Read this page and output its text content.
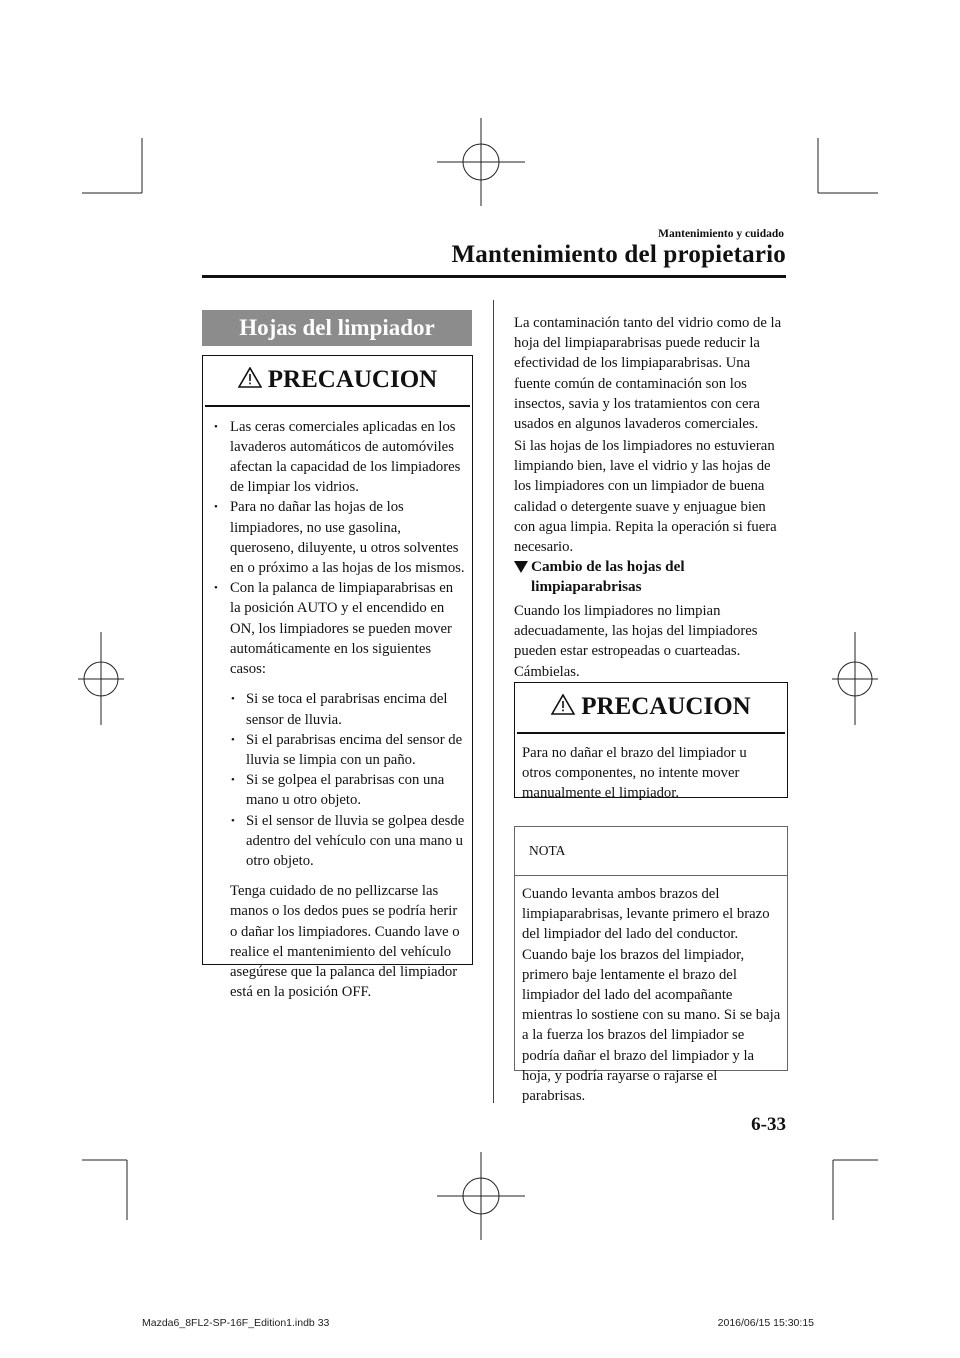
Mantenimiento y cuidado
Mantenimiento del propietario
Hojas del limpiador
PRECAUCION
• Las ceras comerciales aplicadas en los lavaderos automáticos de automóviles afectan la capacidad de los limpiadores de limpiar los vidrios.
• Para no dañar las hojas de los limpiadores, no use gasolina, queroseno, diluyente, u otros solventes en o próximo a las hojas de los mismos.
• Con la palanca de limpiaparabrisas en la posición AUTO y el encendido en ON, los limpiadores se pueden mover automáticamente en los siguientes casos:
• Si se toca el parabrisas encima del sensor de lluvia.
• Si el parabrisas encima del sensor de lluvia se limpia con un paño.
• Si se golpea el parabrisas con una mano u otro objeto.
• Si el sensor de lluvia se golpea desde adentro del vehículo con una mano u otro objeto.
Tenga cuidado de no pellizcarse las manos o los dedos pues se podría herir o dañar los limpiadores. Cuando lave o realice el mantenimiento del vehículo asegúrese que la palanca del limpiador está en la posición OFF.
La contaminación tanto del vidrio como de la hoja del limpiaparabrisas puede reducir la efectividad de los limpiaparabrisas. Una fuente común de contaminación son los insectos, savia y los tratamientos con cera usados en algunos lavaderos comerciales.
Si las hojas de los limpiadores no estuvieran limpiando bien, lave el vidrio y las hojas de los limpiadores con un limpiador de buena calidad o detergente suave y enjuague bien con agua limpia. Repita la operación si fuera necesario.
Cambio de las hojas del limpiaparabrisas
Cuando los limpiadores no limpian adecuadamente, las hojas del limpiadores pueden estar estropeadas o cuarteadas. Cámbielas.
PRECAUCION
Para no dañar el brazo del limpiador u otros componentes, no intente mover manualmente el limpiador.
NOTA
Cuando levanta ambos brazos del limpiaparabrisas, levante primero el brazo del limpiador del lado del conductor. Cuando baje los brazos del limpiador, primero baje lentamente el brazo del limpiador del lado del acompañante mientras lo sostiene con su mano. Si se baja a la fuerza los brazos del limpiador se podría dañar el brazo del limpiador y la hoja, y podría rayarse o rajarse el parabrisas.
6-33
Mazda6_8FL2-SP-16F_Edition1.indb 33	2016/06/15 15:30:15
